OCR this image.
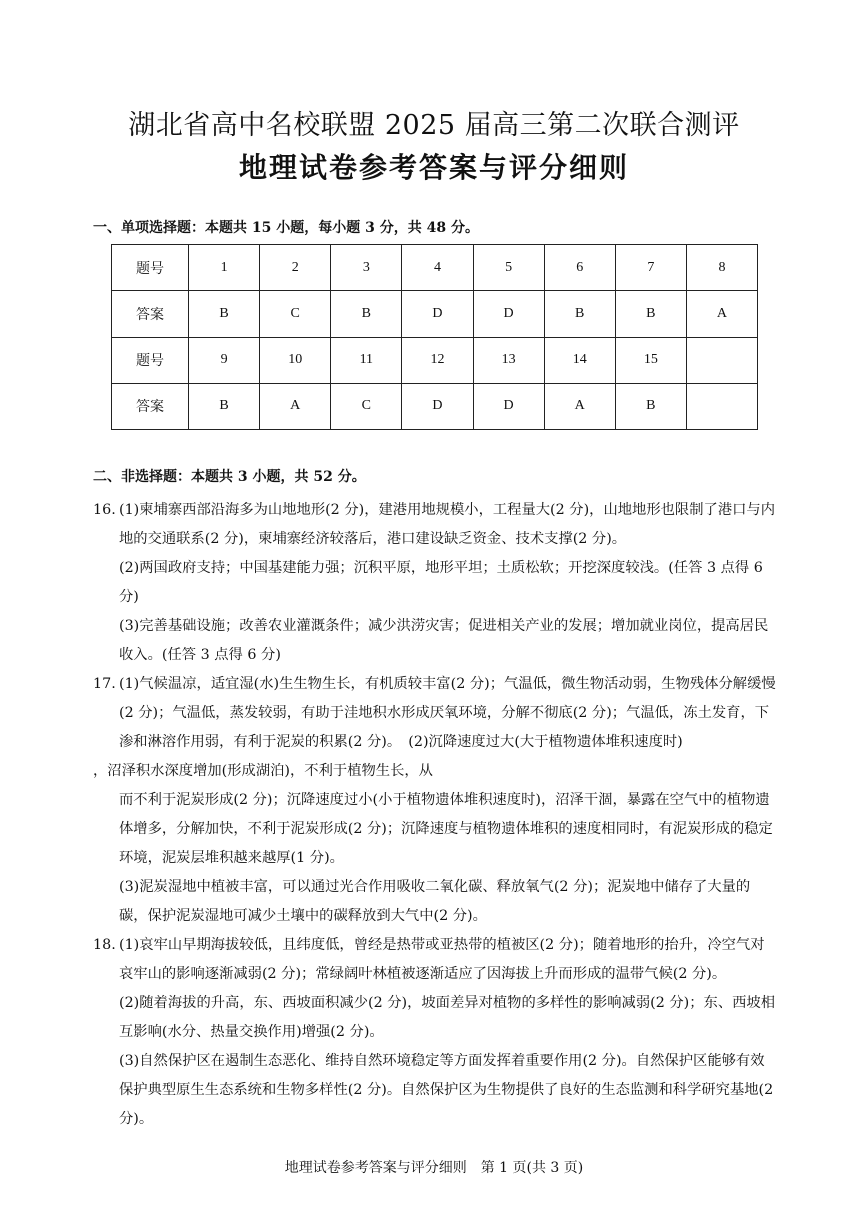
湖北省高中名校联盟 2025 届高三第二次联合测评
地理试卷参考答案与评分细则
一、单项选择题：本题共 15 小题，每小题 3 分，共 48 分。
题号	1	2	3	4	5	6	7	8
答案	B	C	B	D	D	B	B	A
题号	9	10	11	12	13	14	15	
答案	B	A	C	D	D	A	B	
二、非选择题：本题共 3 小题，共 52 分。
16. (1)柬埔寨西部沿海多为山地地形(2 分)，建港用地规模小，工程量大(2 分)，山地地形也限制了港口与内地的交通联系(2 分)，柬埔寨经济较落后，港口建设缺乏资金、技术支撑(2 分)。
(2)两国政府支持；中国基建能力强；沉积平原，地形平坦；土质松软；开挖深度较浅。(任答 3 点得 6 分)
(3)完善基础设施；改善农业灌溉条件；减少洪涝灾害；促进相关产业的发展；增加就业岗位，提高居民收入。(任答 3 点得 6 分)
17. (1)气候温凉，适宜湿(水)生生物生长，有机质较丰富(2 分)；气温低，微生物活动弱，生物残体分解缓慢(2 分)；气温低，蒸发较弱，有助于洼地积水形成厌氧环境，分解不彻底(2 分)；气温低，冻土发育，下渗和淋溶作用弱，有利于泥炭的积累(2 分)。　(2)沉降速度过大(大于植物遗体堆积速度时)
，沼泽积水深度增加(形成湖泊)，不利于植物生长，从
而不利于泥炭形成(2 分)；沉降速度过小(小于植物遗体堆积速度时)，沼泽干涸，暴露在空气中的植物遗体增多，分解加快，不利于泥炭形成(2 分)；沉降速度与植物遗体堆积的速度相同时，有泥炭形成的稳定环境，泥炭层堆积越来越厚(1 分)。
(3)泥炭湿地中植被丰富，可以通过光合作用吸收二氧化碳、释放氧气(2 分)；泥炭地中储存了大量的碳，保护泥炭湿地可减少土壤中的碳释放到大气中(2 分)。
18. (1)哀牢山早期海拔较低，且纬度低，曾经是热带或亚热带的植被区(2 分)；随着地形的抬升，冷空气对哀牢山的影响逐渐减弱(2 分)；常绿阔叶林植被逐渐适应了因海拔上升而形成的温带气候(2 分)。
(2)随着海拔的升高，东、西坡面积减少(2 分)，坡面差异对植物的多样性的影响减弱(2 分)；东、西坡相互影响(水分、热量交换作用)增强(2 分)。
(3)自然保护区在遏制生态恶化、维持自然环境稳定等方面发挥着重要作用(2 分)。自然保护区能够有效保护典型原生生态系统和生物多样性(2 分)。自然保护区为生物提供了良好的生态监测和科学研究基地(2 分)。
地理试卷参考答案与评分细则　第 1 页(共 3 页)
